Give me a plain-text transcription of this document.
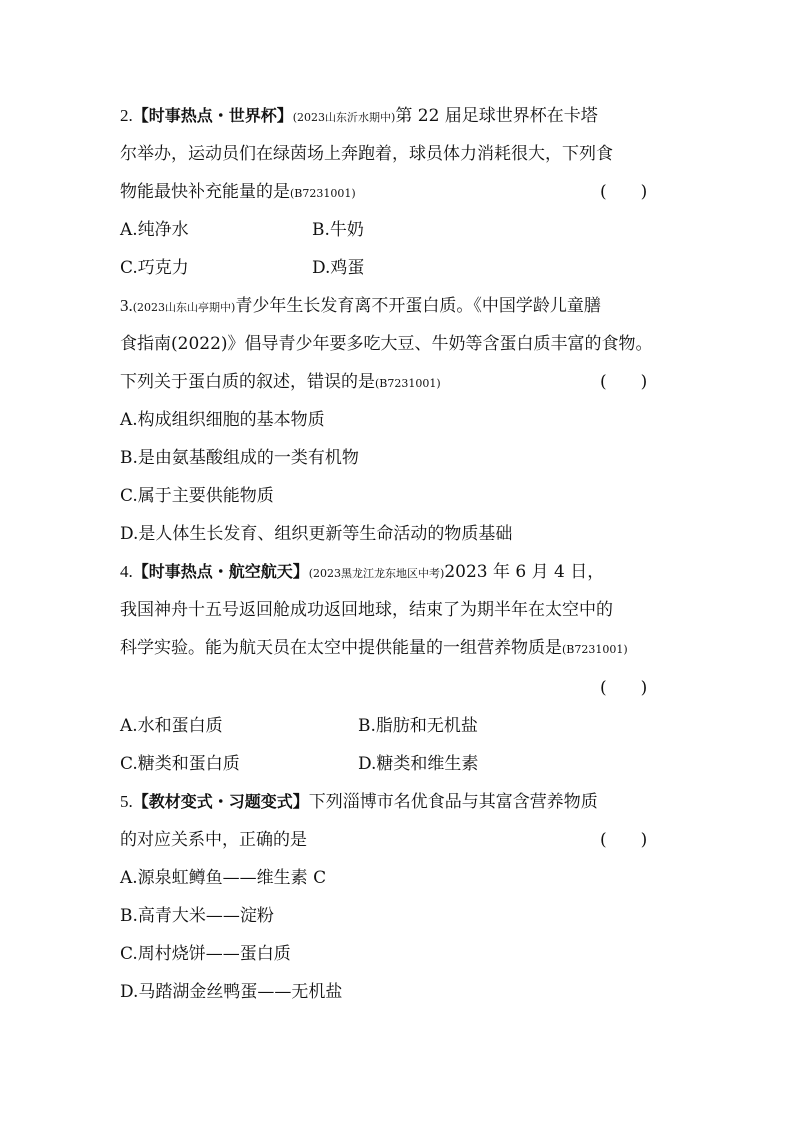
2.【时事热点・世界杯】(2023山东沂水期中)第 22 届足球世界杯在卡塔
尔举办，运动员们在绿茵场上奔跑着，球员体力消耗很大，下列食
物能最快补充能量的是(B7231001)	(　　)
A.纯净水	B.牛奶
C.巧克力	D.鸡蛋
3.(2023山东山亭期中)青少年生长发育离不开蛋白质。《中国学龄儿童膳
食指南(2022)》倡导青少年要多吃大豆、牛奶等含蛋白质丰富的食物。
下列关于蛋白质的叙述，错误的是(B7231001)	(　　)
A.构成组织细胞的基本物质
B.是由氨基酸组成的一类有机物
C.属于主要供能物质
D.是人体生长发育、组织更新等生命活动的物质基础
4.【时事热点・航空航天】(2023黑龙江龙东地区中考)2023 年 6 月 4 日，
我国神舟十五号返回舱成功返回地球，结束了为期半年在太空中的
科学实验。能为航天员在太空中提供能量的一组营养物质是(B7231001)
(　　)
A.水和蛋白质	B.脂肪和无机盐
C.糖类和蛋白质	D.糖类和维生素
5.【教材变式・习题变式】下列淄博市名优食品与其富含营养物质
的对应关系中，正确的是	(　　)
A.源泉虹鳟鱼——维生素 C
B.高青大米——淀粉
C.周村烧饼——蛋白质
D.马踏湖金丝鸭蛋——无机盐
